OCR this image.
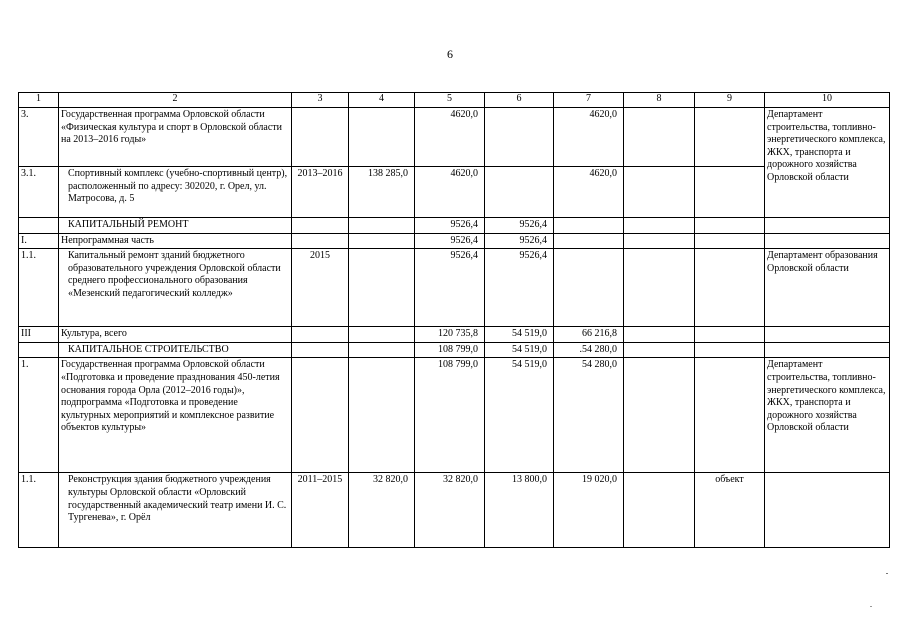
6
1	2	3	4	5	6	7	8	9	10
3.	Государственная программа Орловской области «Физическая культура и спорт в Орловской области на 2013–2016 годы»			4620,0		4620,0			Департамент строительства, топливно-энергетического комплекса, ЖКХ, транспорта и дорожного хозяйства Орловской области
3.1.	Спортивный комплекс (учебно-спортивный центр), расположенный по адресу: 302020, г. Орел, ул. Матросова, д. 5	2013–2016	138 285,0	4620,0		4620,0			
	КАПИТАЛЬНЫЙ РЕМОНТ			9526,4	9526,4				
I.	Непрограммная часть			9526,4	9526,4				
1.1.	Капитальный ремонт зданий бюджетного образовательного учреждения Орловской области среднего профессионального образования «Мезенский педагогический колледж»	2015		9526,4	9526,4				Департамент образования Орловской области
III	Культура, всего			120 735,8	54 519,0	66 216,8			
	КАПИТАЛЬНОЕ СТРОИТЕЛЬСТВО			108 799,0	54 519,0	.54 280,0			
1.	Государственная программа Орловской области «Подготовка и проведение празднования 450-летия основания города Орла (2012–2016 годы)», подпрограмма «Подготовка и проведение культурных мероприятий и комплексное развитие объектов культуры»			108 799,0	54 519,0	54 280,0			Департамент строительства, топливно-энергетического комплекса, ЖКХ, транспорта и дорожного хозяйства Орловской области
1.1.	Реконструкция здания бюджетного учреждения культуры Орловской области «Орловский государственный академический театр имени И. С. Тургенева», г. Орёл	2011–2015	32 820,0	32 820,0	13 800,0	19 020,0		объект	
